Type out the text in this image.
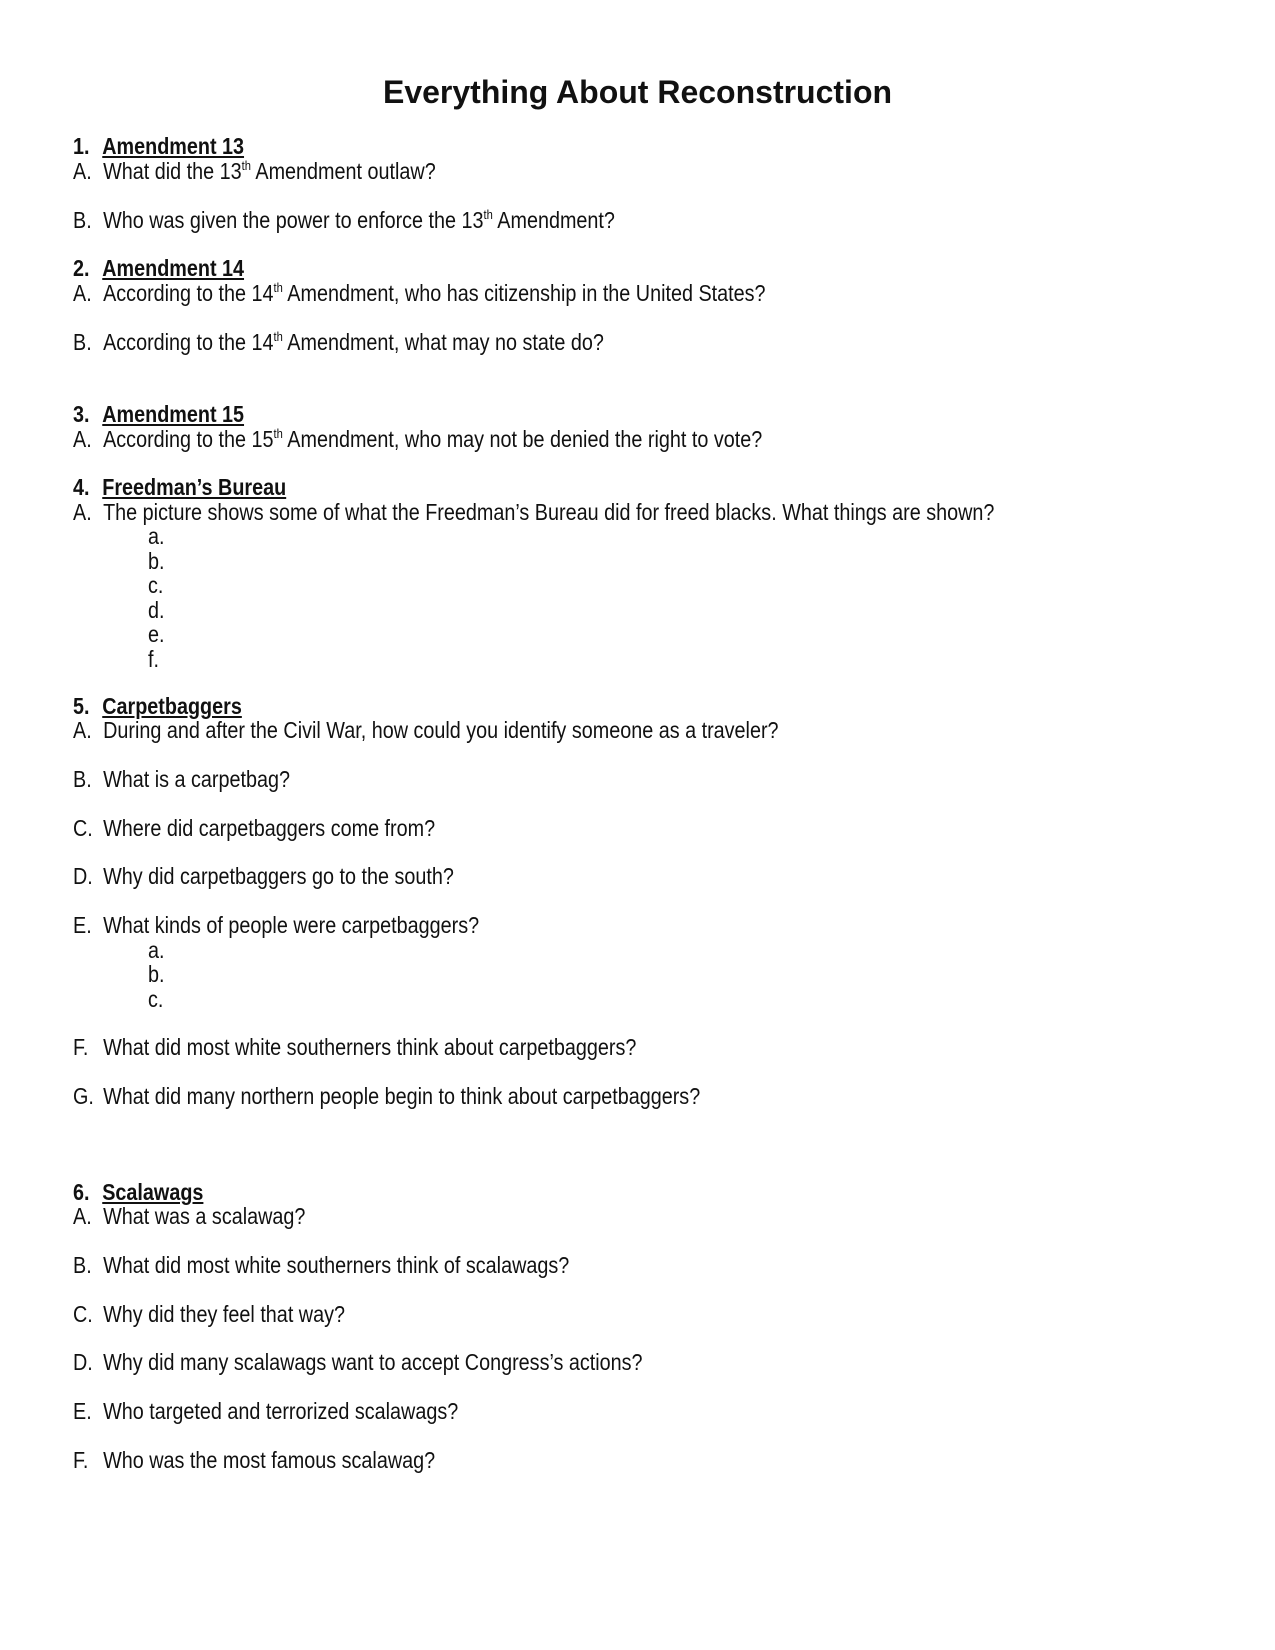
Everything About Reconstruction
1. Amendment 13
A. What did the 13th Amendment outlaw?
B. Who was given the power to enforce the 13th Amendment?
2. Amendment 14
A. According to the 14th Amendment, who has citizenship in the United States?
B. According to the 14th Amendment, what may no state do?
3. Amendment 15
A. According to the 15th Amendment, who may not be denied the right to vote?
4. Freedman’s Bureau
A. The picture shows some of what the Freedman’s Bureau did for freed blacks. What things are shown?
a.
b.
c.
d.
e.
f.
5. Carpetbaggers
A. During and after the Civil War, how could you identify someone as a traveler?
B. What is a carpetbag?
C. Where did carpetbaggers come from?
D. Why did carpetbaggers go to the south?
E. What kinds of people were carpetbaggers?
a.
b.
c.
F. What did most white southerners think about carpetbaggers?
G. What did many northern people begin to think about carpetbaggers?
6. Scalawags
A. What was a scalawag?
B. What did most white southerners think of scalawags?
C. Why did they feel that way?
D. Why did many scalawags want to accept Congress’s actions?
E. Who targeted and terrorized scalawags?
F. Who was the most famous scalawag?
